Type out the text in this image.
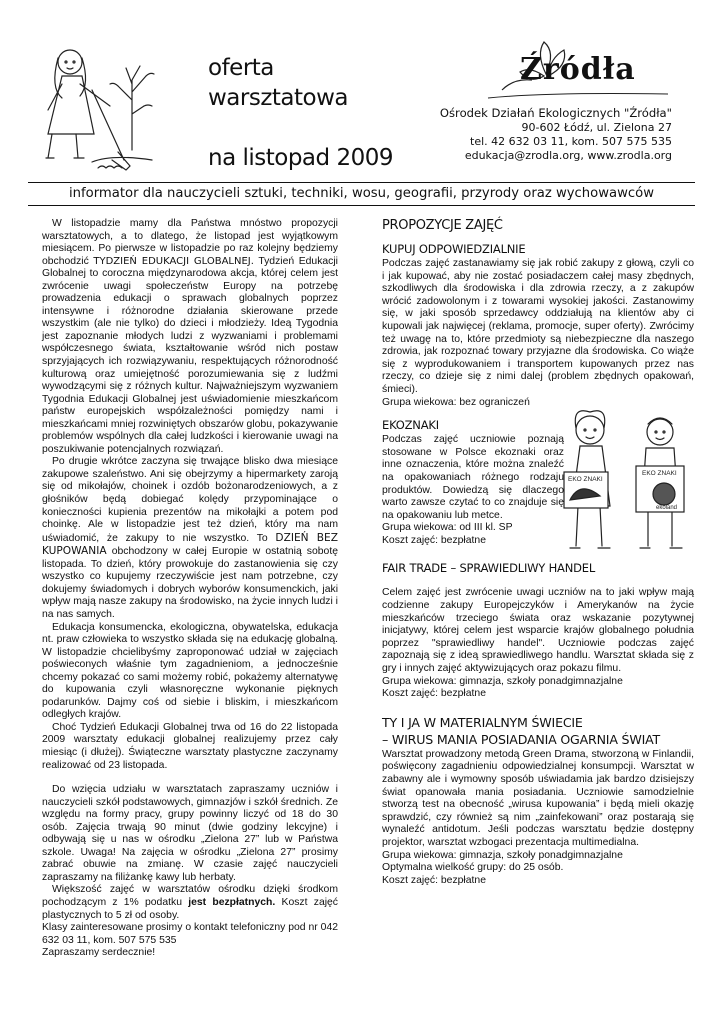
oferta
warsztatowa
na listopad 2009
Źródła
Ośrodek Działań Ekologicznych "Źródła"
90-602 Łódź, ul. Zielona 27
tel. 42 632 03 11, kom. 507 575 535
edukacja@zrodla.org, www.zrodla.org
informator dla nauczycieli sztuki, techniki, wosu, geografii, przyrody oraz wychowawców

W listopadzie mamy dla Państwa mnóstwo propozycji warsztatowych, a to dlatego, że listopad jest wyjątkowym miesiącem. Po pierwsze w listopadzie po raz kolejny będziemy obchodzić TYDZIEŃ EDUKACJI GLOBALNEJ. Tydzień Edukacji Globalnej to coroczna międzynarodowa akcja, której celem jest zwrócenie uwagi społeczeństw Europy na potrzebę prowadzenia edukacji o sprawach globalnych poprzez intensywne i różnorodne działania skierowane przede wszystkim (ale nie tylko) do dzieci i młodzieży. Ideą Tygodnia jest zapoznanie młodych ludzi z wyzwaniami i problemami współczesnego świata, kształtowanie wśród nich postaw sprzyjających ich rozwiązywaniu, respektujących różnorodność kulturową oraz umiejętność porozumiewania się z ludźmi wywodzącymi się z różnych kultur. Najważniejszym wyzwaniem Tygodnia Edukacji Globalnej jest uświadomienie mieszkańcom państw europejskich współzależności pomiędzy nami i mieszkańcami mniej rozwiniętych obszarów globu, pokazywanie problemów wspólnych dla całej ludzkości i kierowanie uwagi na poszukiwanie potencjalnych rozwiązań.

Po drugie wkrótce zaczyna się trwające blisko dwa miesiące zakupowe szaleństwo. Ani się obejrzymy a hipermarkety zaroją się od mikołajów, choinek i ozdób bożonarodzeniowych, a z głośników będą dobiegać kolędy przypominające o konieczności kupienia prezentów na mikołajki a potem pod choinkę. Ale w listopadzie jest też dzień, który ma nam uświadomić, że zakupy to nie wszystko. To DZIEŃ BEZ KUPOWANIA obchodzony w całej Europie w ostatnią sobotę listopada. To dzień, który prowokuje do zastanowienia się czy wszystko co kupujemy rzeczywiście jest nam potrzebne, czy dokujemy świadomych i dobrych wyborów konsumenckich, jaki wpływ mają nasze zakupy na środowisko, na życie innych ludzi i na nas samych.

Edukacja konsumencka, ekologiczna, obywatelska, edukacja nt. praw człowieka to wszystko składa się na edukację globalną. W listopadzie chcielibyśmy zaproponować udział w zajęciach poświeconych właśnie tym zagadnieniom, a jednocześnie chcemy pokazać co sami możemy robić, pokażemy alternatywę do kupowania czyli własnoręczne wykonanie pięknych podarunków. Dajmy coś od siebie i bliskim, i mieszkańcom odległych krajów.

Choć Tydzień Edukacji Globalnej trwa od 16 do 22 listopada 2009 warsztaty edukacji globalnej realizujemy przez cały miesiąc (i dłużej). Świąteczne warsztaty plastyczne zaczynamy realizować od 23 listopada.

Do wzięcia udziału w warsztatach zapraszamy uczniów i nauczycieli szkół podstawowych, gimnazjów i szkół średnich. Ze względu na formy pracy, grupy powinny liczyć od 18 do 30 osób. Zajęcia trwają 90 minut (dwie godziny lekcyjne) i odbywają się u nas w ośrodku „Zielona 27” lub w Państwa szkole. Uwaga! Na zajęcia w ośrodku „Zielona 27” prosimy zabrać obuwie na zmianę. W czasie zajęć nauczycieli zapraszamy na filiżankę kawy lub herbaty.

Większość zajęć w warsztatów ośrodku dzięki środkom pochodzącym z 1% podatku jest bezpłatnych. Koszt zajęć plastycznych to 5 zł od osoby.

Klasy zainteresowane prosimy o kontakt telefoniczny pod nr 042 632 03 11, kom. 507 575 535

Zapraszamy serdecznie!

PROPOZYCJE ZAJĘĆ
KUPUJ ODPOWIEDZIALNIE

Podczas zajęć zastanawiamy się jak robić zakupy z głową, czyli co i jak kupować, aby nie zostać posiadaczem całej masy zbędnych, szkodliwych dla środowiska i dla zdrowia rzeczy, a z zakupów wrócić zadowolonym i z towarami wysokiej jakości. Zastanowimy się, w jaki sposób sprzedawcy oddziałują na klientów aby ci kupowali jak najwięcej (reklama, promocje, super oferty). Zwrócimy też uwagę na to, które przedmioty są niebezpieczne dla naszego zdrowia, jak rozpoznać towary przyjazne dla środowiska. Co wiąże się z wyprodukowaniem i transportem kupowanych przez nas rzeczy, co dzieje się z nimi dalej (problem zbędnych opakowań, śmieci).

Grupa wiekowa: bez ograniczeń

EKOZNAKI

Podczas zajęć uczniowie poznają stosowane w Polsce ekoznaki oraz inne oznaczenia, które można znaleźć na opakowaniach różnego rodzaju produktów. Dowiedzą się dlaczego warto zawsze czytać to co znajduje się na opakowaniu lub metce.

Grupa wiekowa: od III kl. SP

Koszt zajęć: bezpłatne

FAIR TRADE – SPRAWIEDLIWY HANDEL

Celem zajęć jest zwrócenie uwagi uczniów na to jaki wpływ mają codzienne zakupy Europejczyków i Amerykanów na życie mieszkańców trzeciego świata oraz wskazanie pozytywnej inicjatywy, której celem jest wsparcie krajów globalnego południa poprzez "sprawiedliwy handel". Uczniowie podczas zajęć zapoznają się z ideą sprawiedliwego handlu. Warsztat składa się z gry i innych zajęć aktywizujących oraz pokazu filmu.

Grupa wiekowa: gimnazja, szkoły ponadgimnazjalne

Koszt zajęć: bezpłatne

TY I JA W MATERIALNYM ŚWIECIE
– WIRUS MANIA POSIADANIA OGARNIA ŚWIAT

Warsztat prowadzony metodą Green Drama, stworzoną w Finlandii, poświęcony zagadnieniu odpowiedzialnej konsumpcji. Warsztat w zabawny ale i wymowny sposób uświadamia jak bardzo dzisiejszy świat opanowała mania posiadania. Uczniowie samodzielnie stworzą test na obecność „wirusa kupowania” i będą mieli okazję sprawdzić, czy również są nim „zainfekowani” oraz postarają się wynaleźć antidotum. Jeśli podczas warsztatu będzie dostępny projektor, warsztat wzbogaci prezentacja multimedialna.

Grupa wiekowa: gimnazja, szkoły ponadgimnazjalne

Optymalna wielkość grupy: do 25 osób.

Koszt zajęć: bezpłatne

EKO ZNAKI
EKO ZNAKI
ekoland
